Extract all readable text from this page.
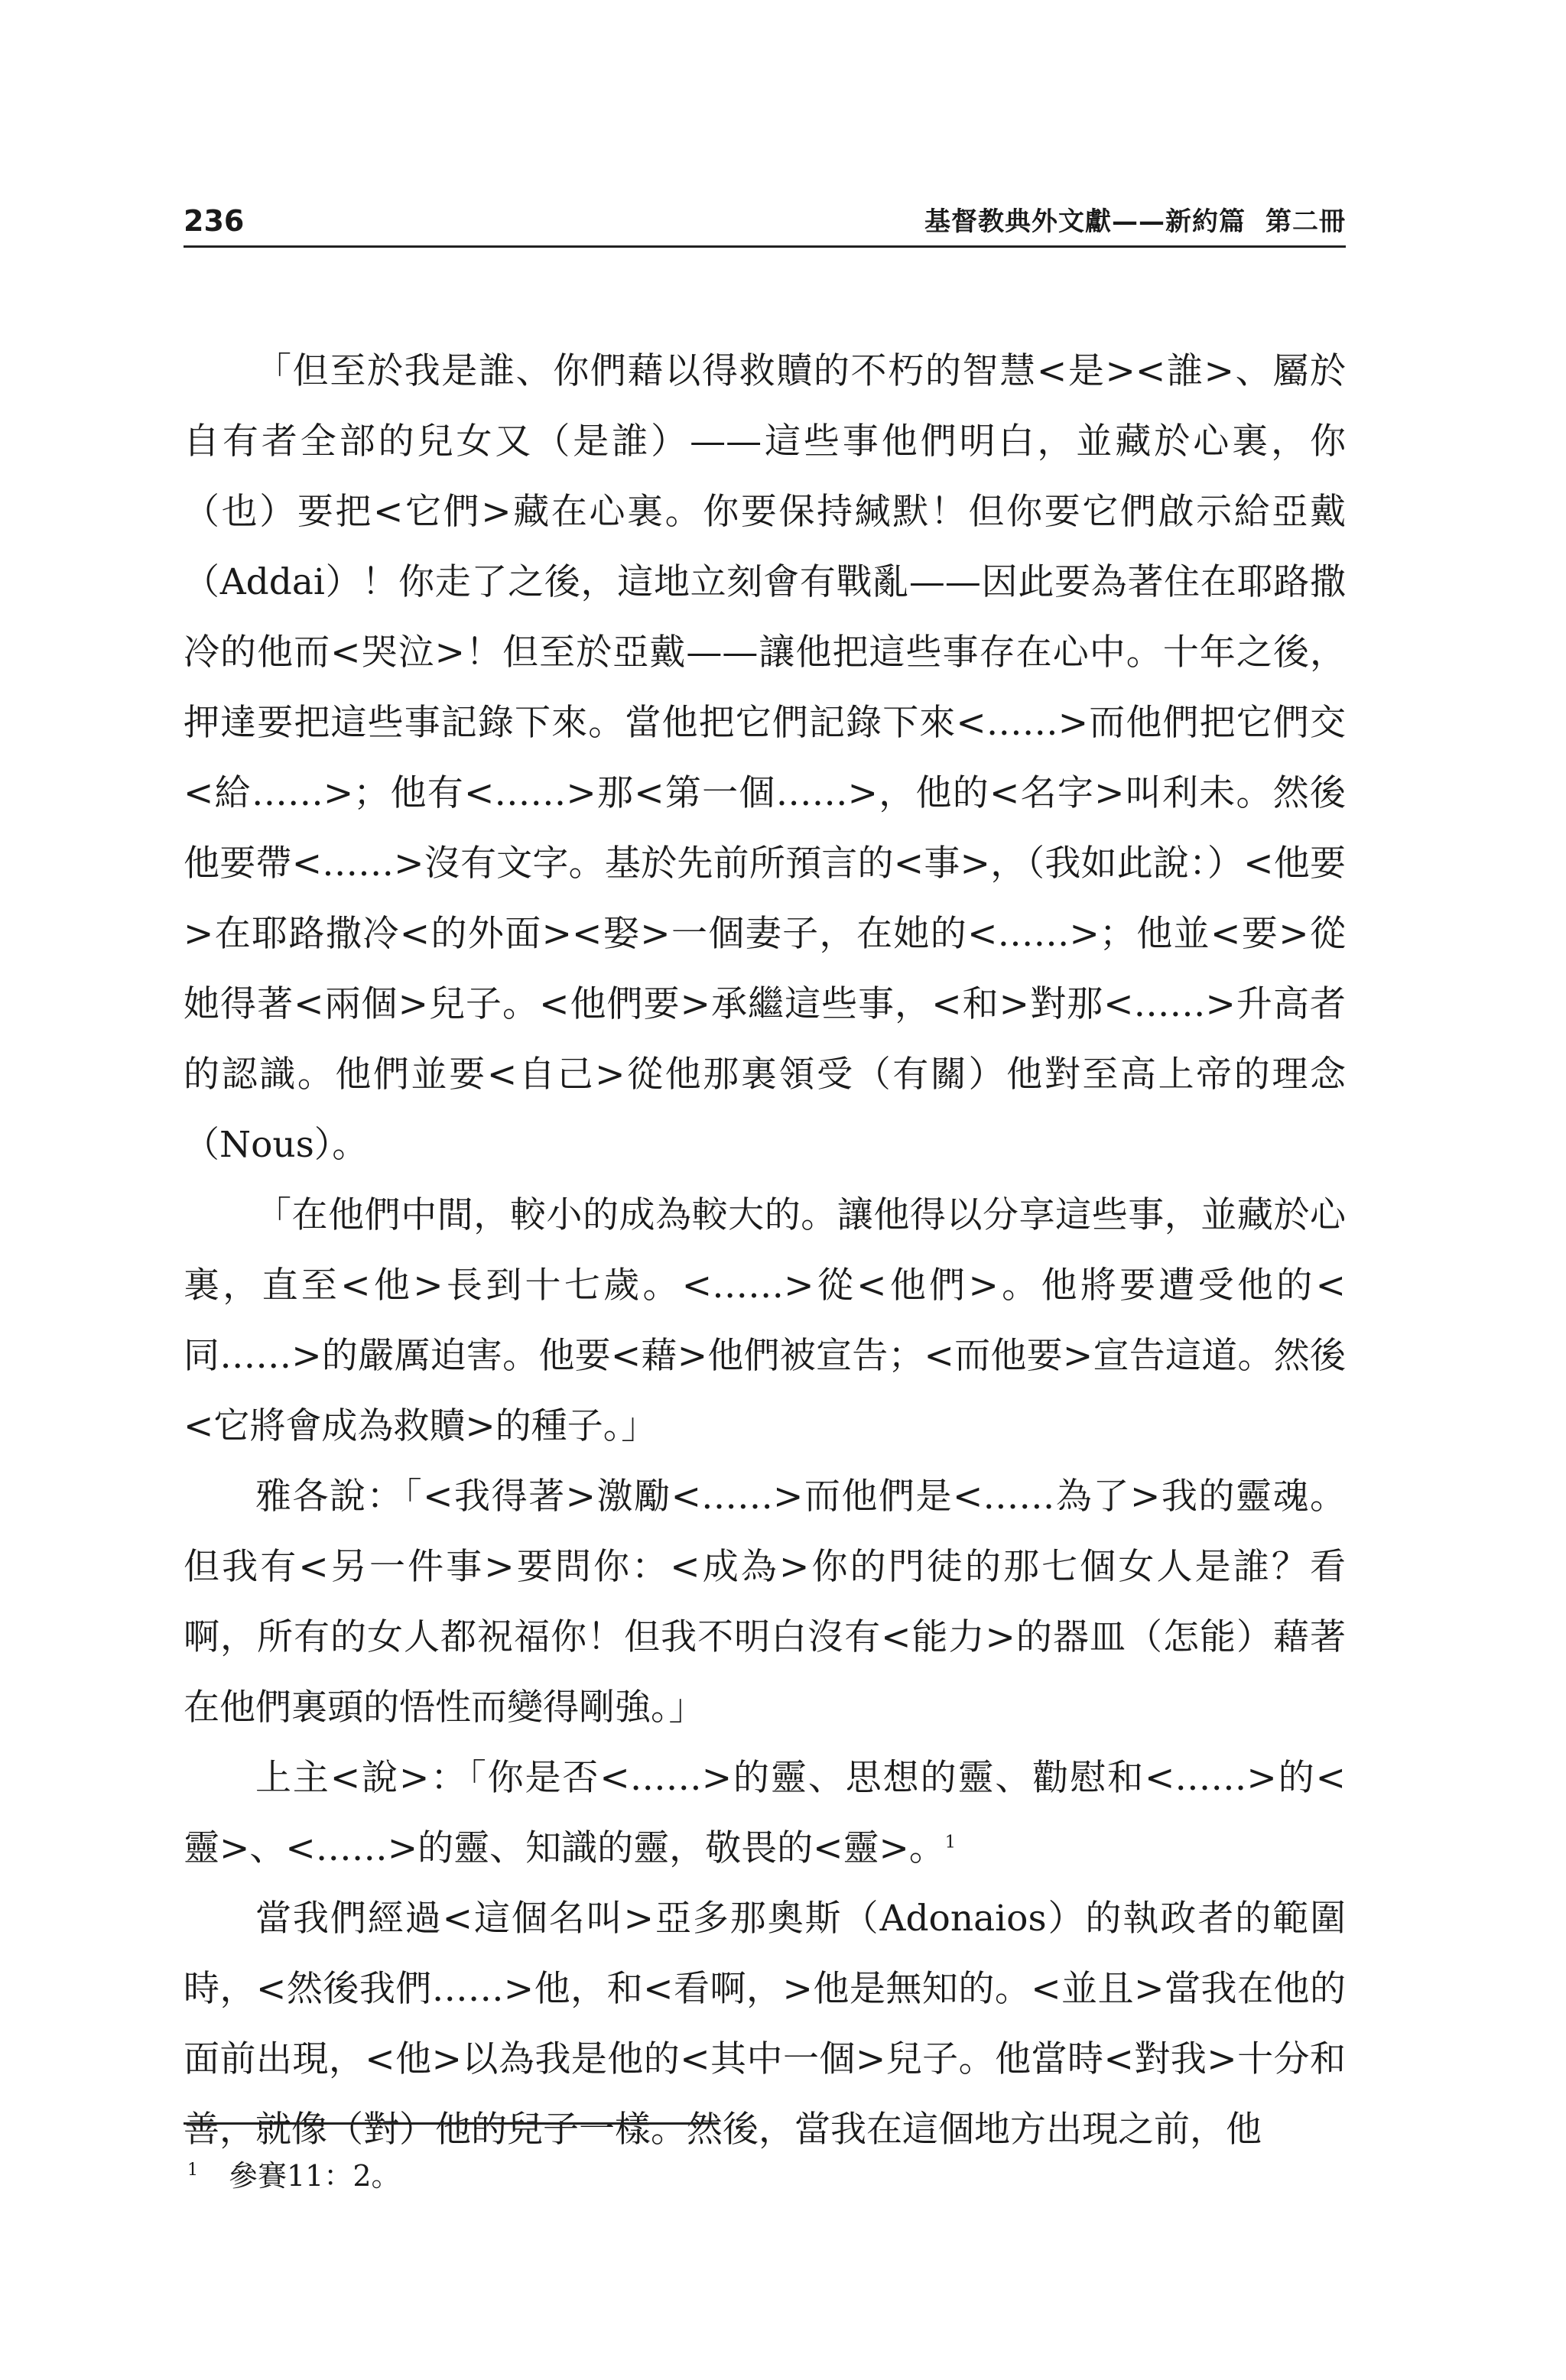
236	基督教典外文獻——新約篇 第二冊

「但至於我是誰、你們藉以得救贖的不朽的智慧<是><誰>、屬於自有者全部的兒女又（是誰）——這些事他們明白，並藏於心裏，你（也）要把<它們>藏在心裏。你要保持緘默！但你要它們啟示給亞戴（Addai）！你走了之後，這地立刻會有戰亂——因此要為著住在耶路撒冷的他而<哭泣>！但至於亞戴——讓他把這些事存在心中。十年之後，押達要把這些事記錄下來。當他把它們記錄下來<……>而他們把它們交<給……>；他有<……>那<第一個……>，他的<名字>叫利未。然後他要帶<……>沒有文字。基於先前所預言的<事>，（我如此說：）<他要>在耶路撒冷<的外面><娶>一個妻子，在她的<……>；他並<要>從她得著<兩個>兒子。<他們要>承繼這些事，<和>對那<……>升高者的認識。他們並要<自己>從他那裏領受（有關）他對至高上帝的理念（Nous）。

「在他們中間，較小的成為較大的。讓他得以分享這些事，並藏於心裏，直至<他>長到十七歲。<……>從<他們>。他將要遭受他的<同……>的嚴厲迫害。他要<藉>他們被宣告；<而他要>宣告這道。然後<它將會成為救贖>的種子。」

雅各說：「<我得著>激勵<……>而他們是<……為了>我的靈魂。但我有<另一件事>要問你：<成為>你的門徒的那七個女人是誰？看啊，所有的女人都祝福你！但我不明白沒有<能力>的器皿（怎能）藉著在他們裏頭的悟性而變得剛強。」

上主<說>：「你是否<……>的靈、思想的靈、勸慰和<……>的<靈>、<……>的靈、知識的靈，敬畏的<靈>。$^1$

當我們經過<這個名叫>亞多那奧斯（Adonaios）的執政者的範圍時，<然後我們……>他，和<看啊，>他是無知的。<並且>當我在他的面前出現，<他>以為我是他的<其中一個>兒子。他當時<對我>十分和善，就像（對）他的兒子一樣。然後，當我在這個地方出現之前，他

$^1$ 參賽11：2。
